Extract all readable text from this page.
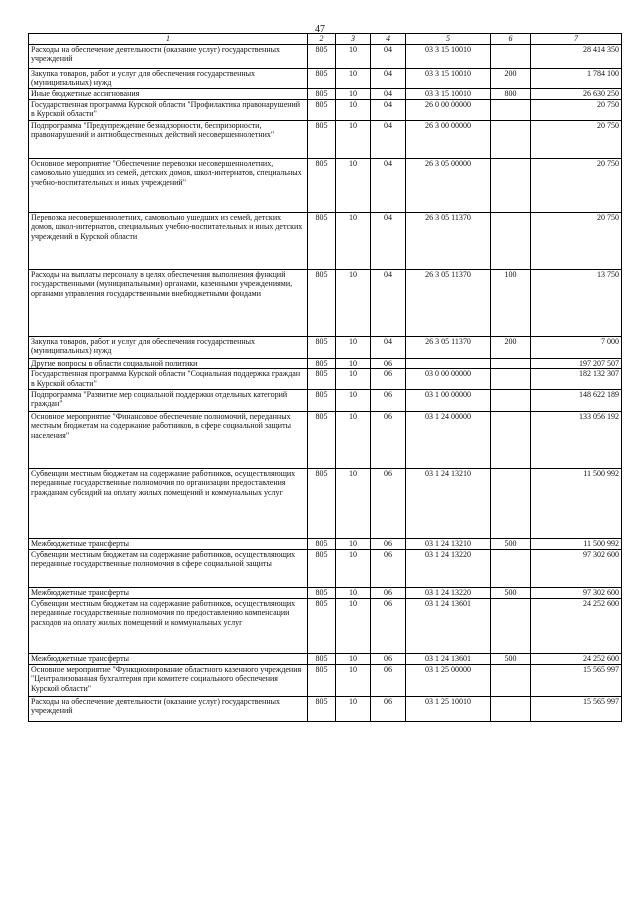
47
1	2	3	4	5	6	7
Расходы на обеспечение деятельности (оказание услуг) государственных учреждений	805	10	04	03 3 15 10010		28 414 350
Закупка товаров, работ и услуг для обеспечения государственных (муниципальных) нужд	805	10	04	03 3 15 10010	200	1 784 100
Иные бюджетные ассигнования	805	10	04	03 3 15 10010	800	26 630 250
Государственная программа Курской области "Профилактика правонарушений в Курской области"	805	10	04	26 0 00 00000		20 750
Подпрограмма "Предупреждение безнадзорности, беспризорности, правонарушений и антиобщественных действий несовершеннолетних"	805	10	04	26 3 00 00000		20 750
Основное мероприятие "Обеспечение перевозки несовершеннолетних, самовольно ушедших из семей, детских домов, школ-интернатов, специальных учебно-воспитательных и иных учреждений"	805	10	04	26 3 05 00000		20 750
Перевозка несовершеннолетних, самовольно ушедших из семей, детских домов, школ-интернатов, специальных учебно-воспитательных и иных детских учреждений в Курской области	805	10	04	26 3 05 11370		20 750
Расходы на выплаты персоналу в целях обеспечения выполнения функций государственными (муниципальными) органами, казенными учреждениями, органами управления государственными внебюджетными фондами	805	10	04	26 3 05 11370	100	13 750
Закупка товаров, работ и услуг для обеспечения государственных (муниципальных) нужд	805	10	04	26 3 05 11370	200	7 000
Другие вопросы в области социальной политики	805	10	06			197 207 507
Государственная программа Курской области "Социальная поддержка граждан в Курской области"	805	10	06	03 0 00 00000		182 132 307
Подпрограмма "Развитие мер социальной поддержки отдельных категорий граждан"	805	10	06	03 1 00 00000		148 622 189
Основное мероприятие "Финансовое обеспечение полномочий, переданных местным бюджетам на содержание работников, в сфере социальной защиты населения"	805	10	06	03 1 24 00000		133 056 192
Субвенции местным бюджетам на содержание работников, осуществляющих переданные государственные полномочия по организации предоставления гражданам субсидий на оплату жилых помещений и коммунальных услуг	805	10	06	03 1 24 13210		11 500 992
Межбюджетные трансферты	805	10	06	03 1 24 13210	500	11 500 992
Субвенции местным бюджетам на содержание работников, осуществляющих переданные государственные полномочия в сфере социальной защиты	805	10	06	03 1 24 13220		97 302 600
Межбюджетные трансферты	805	10	06	03 1 24 13220	500	97 302 600
Субвенции местным бюджетам на содержание работников, осуществляющих переданные государственные полномочия по предоставлению компенсации расходов на оплату жилых помещений и коммунальных услуг	805	10	06	03 1 24 13601		24 252 600
Межбюджетные трансферты	805	10	06	03 1 24 13601	500	24 252 600
Основное мероприятие "Функционирование областного казенного учреждения "Централизованная бухгалтерия при комитете социального обеспечения Курской области"	805	10	06	03 1 25 00000		15 565 997
Расходы на обеспечение деятельности (оказание услуг) государственных учреждений	805	10	06	03 1 25 10010		15 565 997
